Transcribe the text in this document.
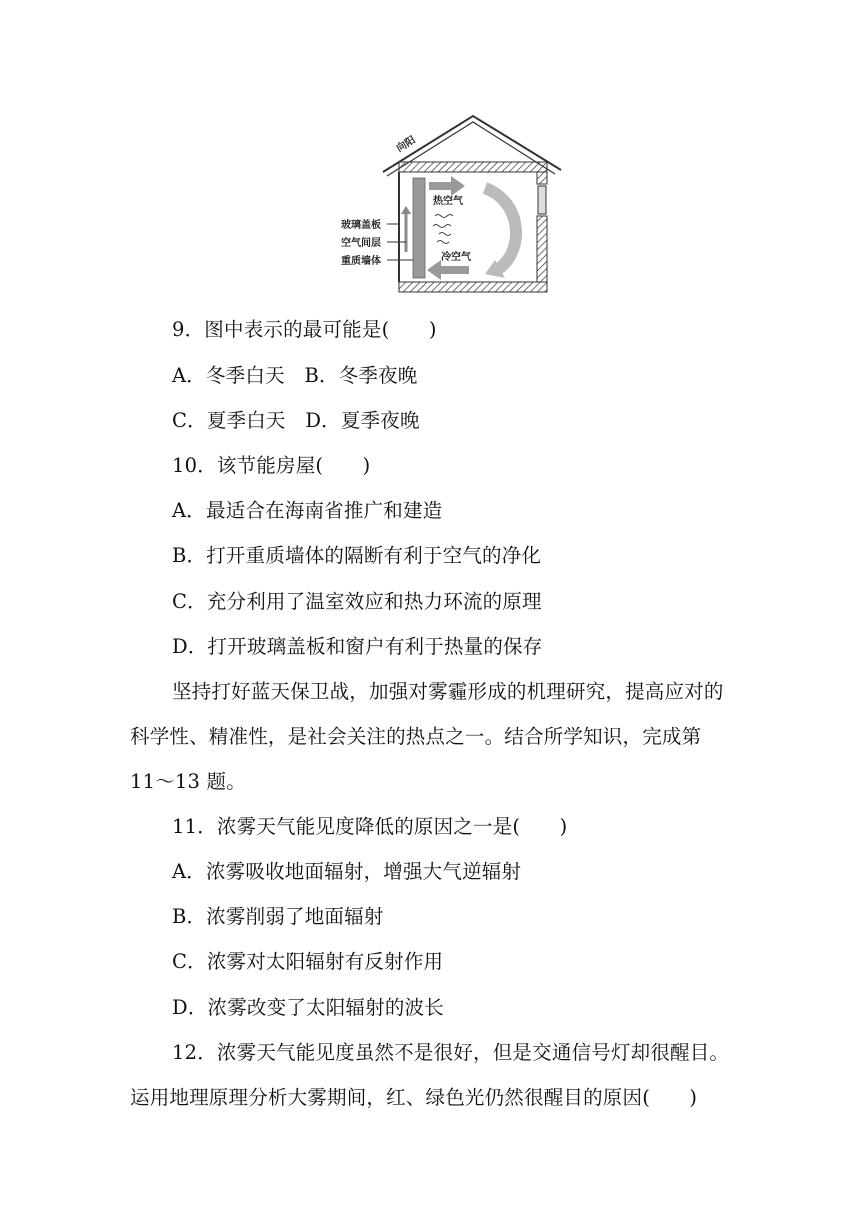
向阳
热空气
冷空气
玻璃盖板
空气间层
重质墙体
9．图中表示的最可能是(　　)
A．冬季白天　B．冬季夜晚
C．夏季白天　D．夏季夜晚
10．该节能房屋(　　)
A．最适合在海南省推广和建造
B．打开重质墙体的隔断有利于空气的净化
C．充分利用了温室效应和热力环流的原理
D．打开玻璃盖板和窗户有利于热量的保存
坚持打好蓝天保卫战，加强对雾霾形成的机理研究，提高应对的
科学性、精准性，是社会关注的热点之一。结合所学知识，完成第
11～13 题。
11．浓雾天气能见度降低的原因之一是(　　)
A．浓雾吸收地面辐射，增强大气逆辐射
B．浓雾削弱了地面辐射
C．浓雾对太阳辐射有反射作用
D．浓雾改变了太阳辐射的波长
12．浓雾天气能见度虽然不是很好，但是交通信号灯却很醒目。
运用地理原理分析大雾期间，红、绿色光仍然很醒目的原因(　　)
